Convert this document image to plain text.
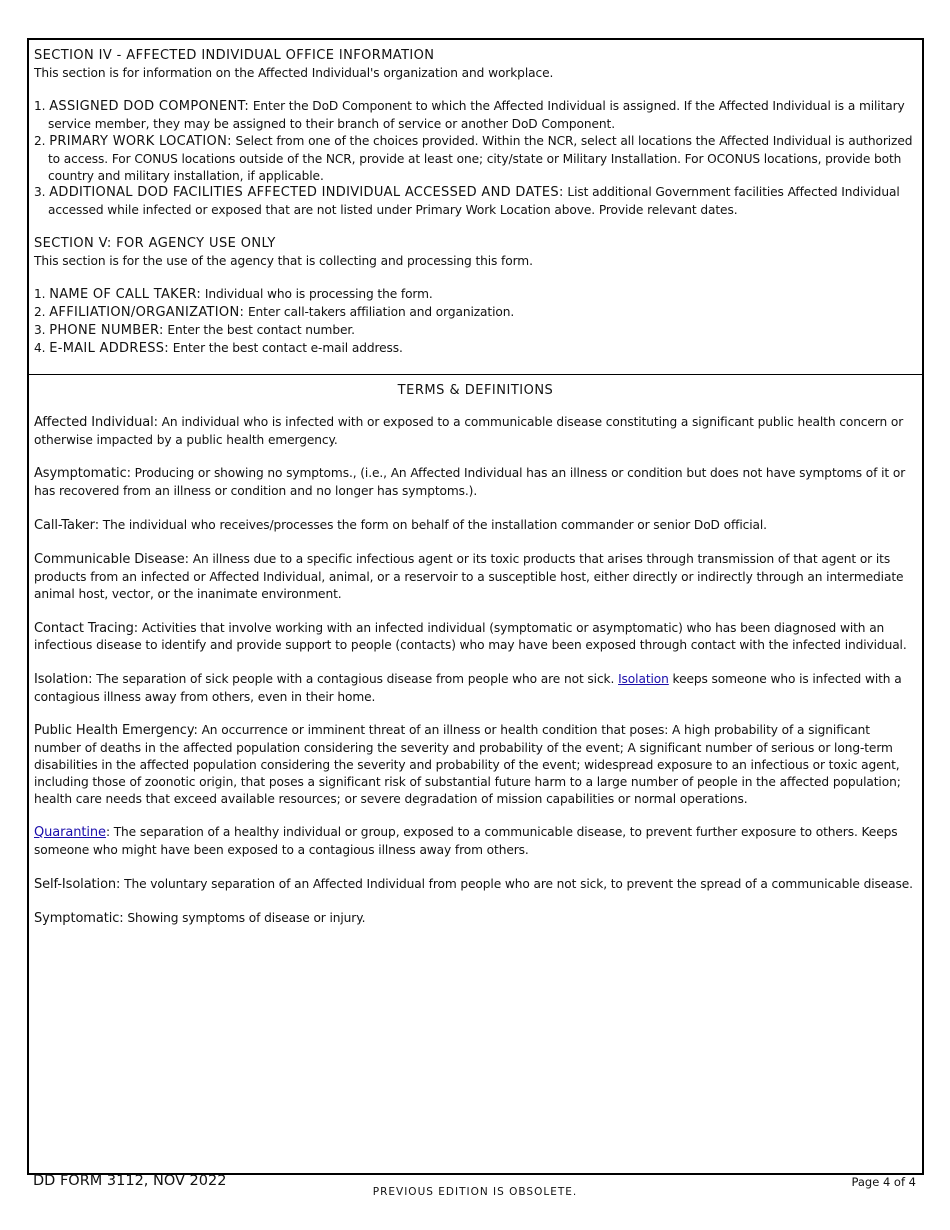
SECTION IV - AFFECTED INDIVIDUAL OFFICE INFORMATION

This section is for information on the Affected Individual's organization and workplace.

1. ASSIGNED DOD COMPONENT: Enter the DoD Component to which the Affected Individual is assigned. If the Affected Individual is a military service member, they may be assigned to their branch of service or another DoD Component.
2. PRIMARY WORK LOCATION: Select from one of the choices provided. Within the NCR, select all locations the Affected Individual is authorized to access. For CONUS locations outside of the NCR, provide at least one; city/state or Military Installation. For OCONUS locations, provide both country and military installation, if applicable.
3. ADDITIONAL DOD FACILITIES AFFECTED INDIVIDUAL ACCESSED AND DATES: List additional Government facilities Affected Individual accessed while infected or exposed that are not listed under Primary Work Location above. Provide relevant dates.

SECTION V: FOR AGENCY USE ONLY

This section is for the use of the agency that is collecting and processing this form.

1. NAME OF CALL TAKER: Individual who is processing the form.
2. AFFILIATION/ORGANIZATION: Enter call-takers affiliation and organization.
3. PHONE NUMBER: Enter the best contact number.
4. E-MAIL ADDRESS: Enter the best contact e-mail address.
TERMS & DEFINITIONS

Affected Individual: An individual who is infected with or exposed to a communicable disease constituting a significant public health concern or otherwise impacted by a public health emergency.

Asymptomatic: Producing or showing no symptoms., (i.e., An Affected Individual has an illness or condition but does not have symptoms of it or has recovered from an illness or condition and no longer has symptoms.).

Call-Taker: The individual who receives/processes the form on behalf of the installation commander or senior DoD official.

Communicable Disease: An illness due to a specific infectious agent or its toxic products that arises through transmission of that agent or its products from an infected or Affected Individual, animal, or a reservoir to a susceptible host, either directly or indirectly through an intermediate animal host, vector, or the inanimate environment.

Contact Tracing: Activities that involve working with an infected individual (symptomatic or asymptomatic) who has been diagnosed with an infectious disease to identify and provide support to people (contacts) who may have been exposed through contact with the infected individual.

Isolation: The separation of sick people with a contagious disease from people who are not sick. Isolation keeps someone who is infected with a contagious illness away from others, even in their home.

Public Health Emergency: An occurrence or imminent threat of an illness or health condition that poses: A high probability of a significant number of deaths in the affected population considering the severity and probability of the event; A significant number of serious or long-term disabilities in the affected population considering the severity and probability of the event; widespread exposure to an infectious or toxic agent, including those of zoonotic origin, that poses a significant risk of substantial future harm to a large number of people in the affected population; health care needs that exceed available resources; or severe degradation of mission capabilities or normal operations.

Quarantine: The separation of a healthy individual or group, exposed to a communicable disease, to prevent further exposure to others. Keeps someone who might have been exposed to a contagious illness away from others.

Self-Isolation: The voluntary separation of an Affected Individual from people who are not sick, to prevent the spread of a communicable disease.

Symptomatic: Showing symptoms of disease or injury.

DD FORM 3112, NOV 2022
PREVIOUS EDITION IS OBSOLETE.
Page 4 of 4
